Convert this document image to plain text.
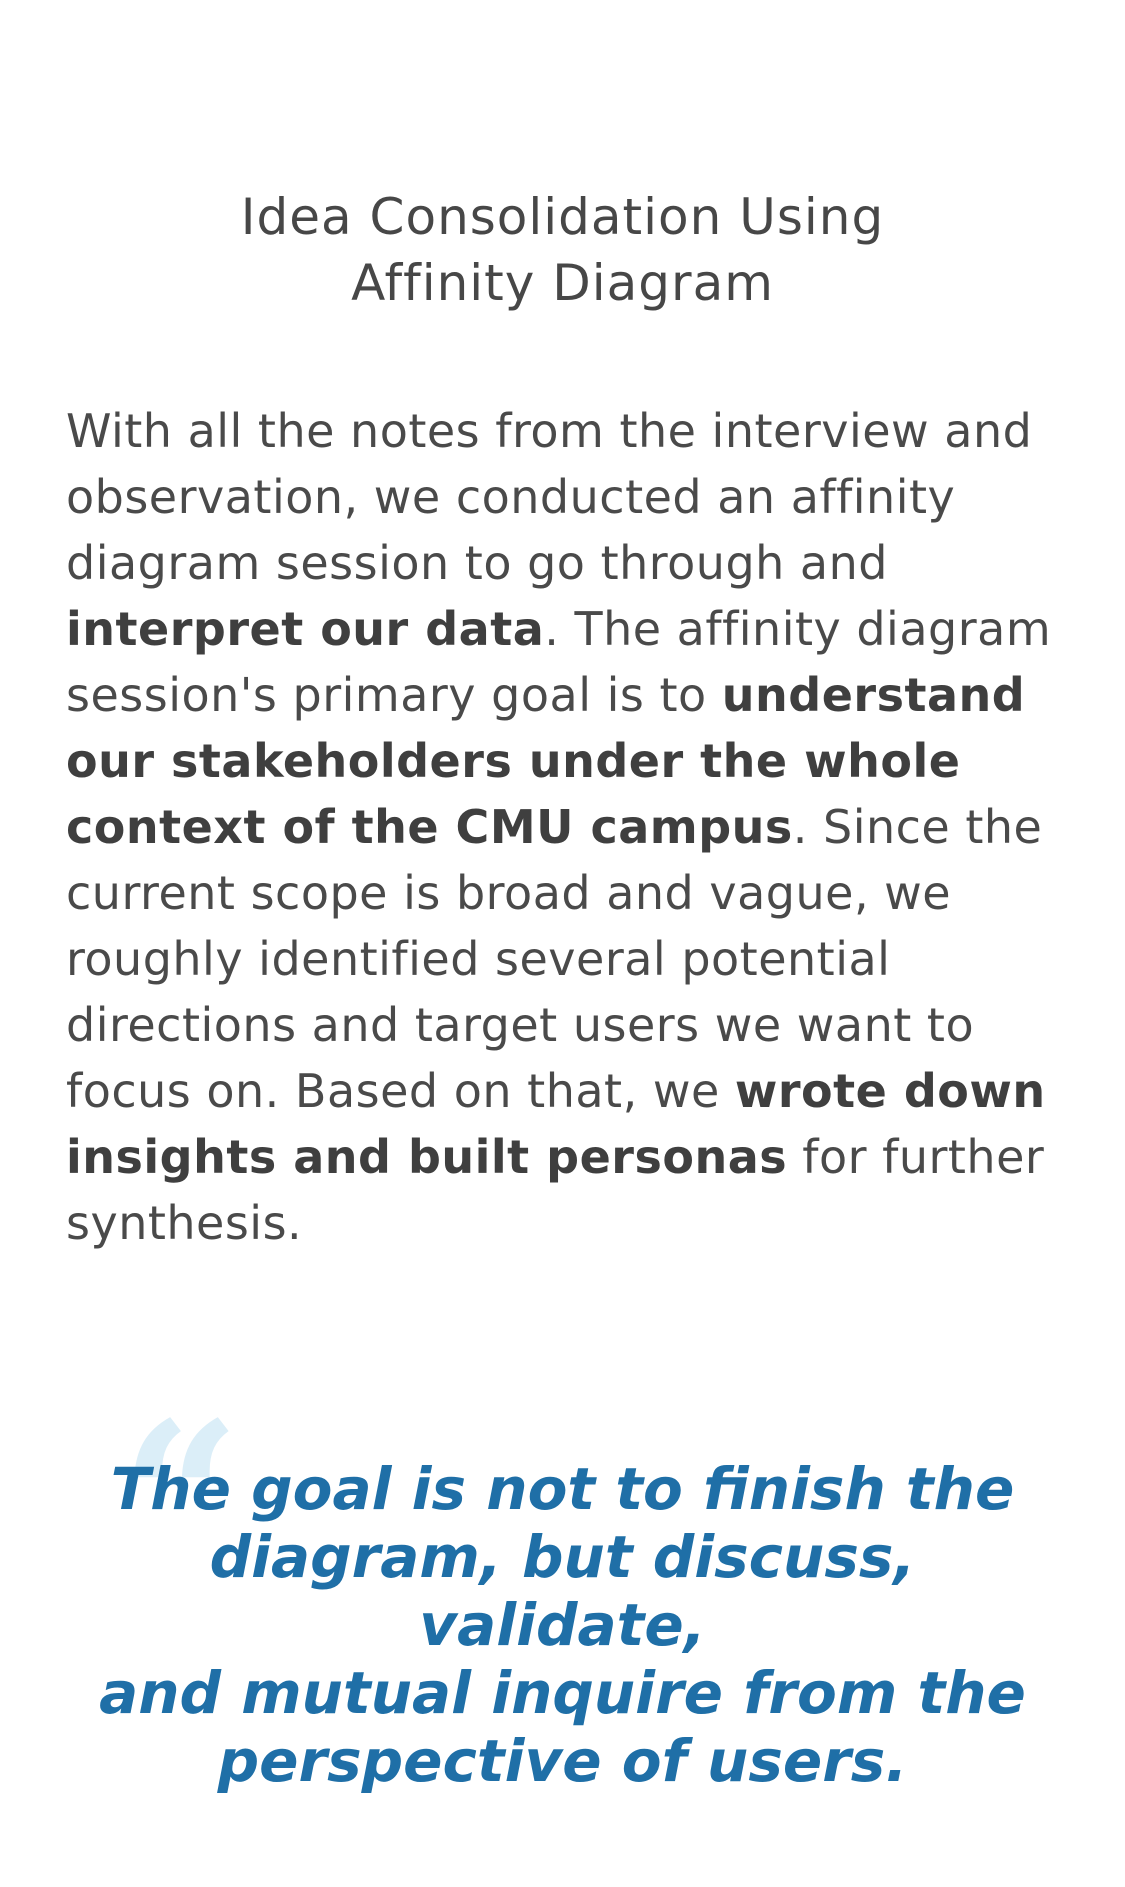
Idea Consolidation Using
Affinity Diagram

With all the notes from the interview and observation, we conducted an affinity diagram session to go through and interpret our data. The affinity diagram session's primary goal is to understand our stakeholders under the whole context of the CMU campus. Since the current scope is broad and vague, we roughly identified several potential directions and target users we want to focus on. Based on that, we wrote down insights and built personas for further synthesis.

“
The goal is not to finish the
diagram, but discuss, validate,
and mutual inquire from the
perspective of users.
